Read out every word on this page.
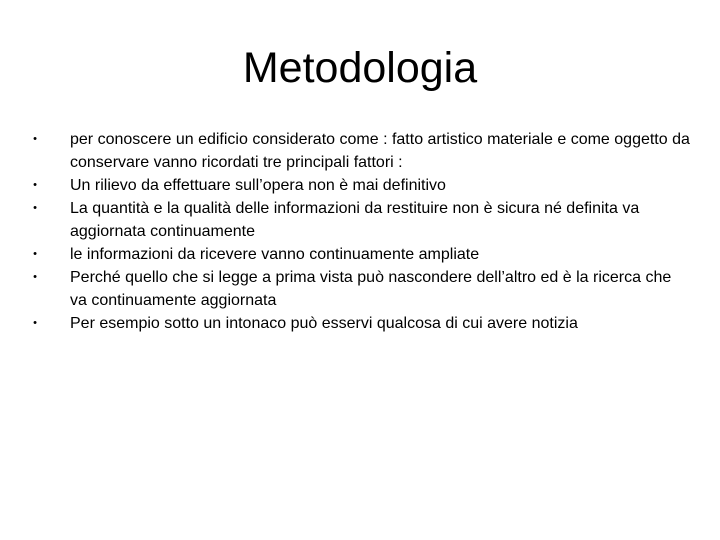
Metodologia
• per conoscere un edificio considerato come : fatto artistico materiale e come oggetto da conservare vanno ricordati tre principali fattori :
• Un rilievo da effettuare sull’opera non è mai definitivo
• La quantità e la qualità delle informazioni da restituire non è sicura né definita va aggiornata continuamente
• le informazioni da ricevere vanno continuamente ampliate
• Perché quello che si legge a prima vista può nascondere dell’altro ed è la ricerca che va continuamente aggiornata
• Per esempio sotto un intonaco può esservi qualcosa di cui avere notizia
